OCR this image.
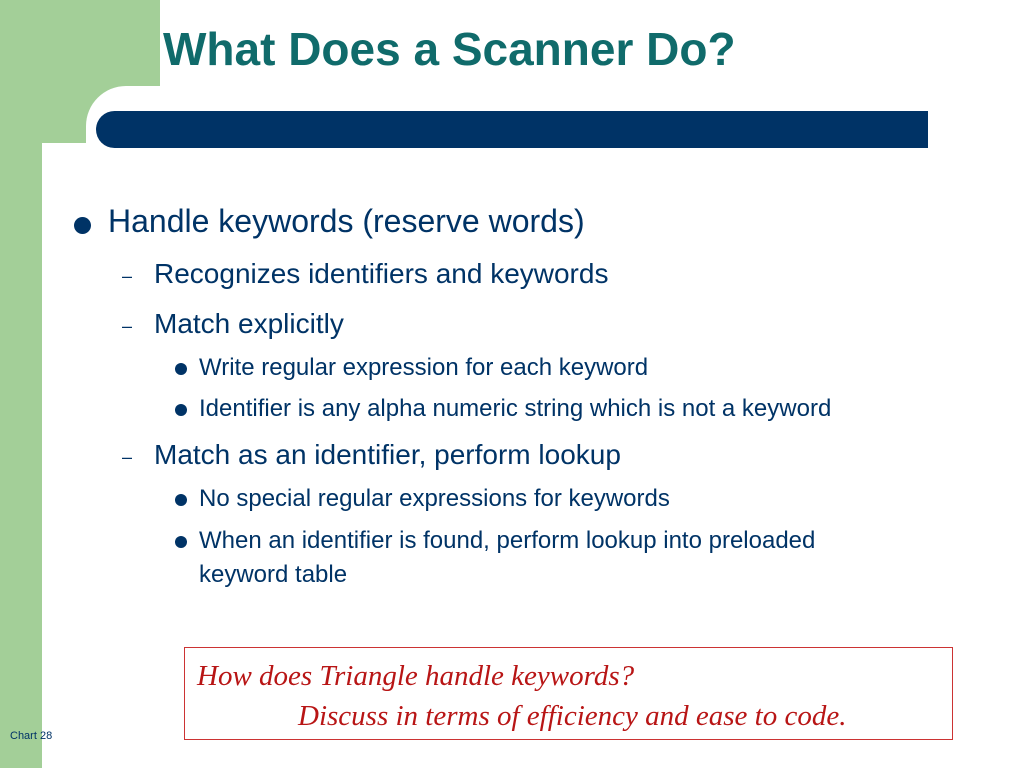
What Does a Scanner Do?
Handle keywords (reserve words)
– Recognizes identifiers and keywords
– Match explicitly
Write regular expression for each keyword
Identifier is any alpha numeric string which is not a keyword
– Match as an identifier, perform lookup
No special regular expressions for keywords
When an identifier is found, perform lookup into preloaded
keyword table

How does Triangle handle keywords?

Discuss in terms of efficiency and ease to code.

Chart 28
